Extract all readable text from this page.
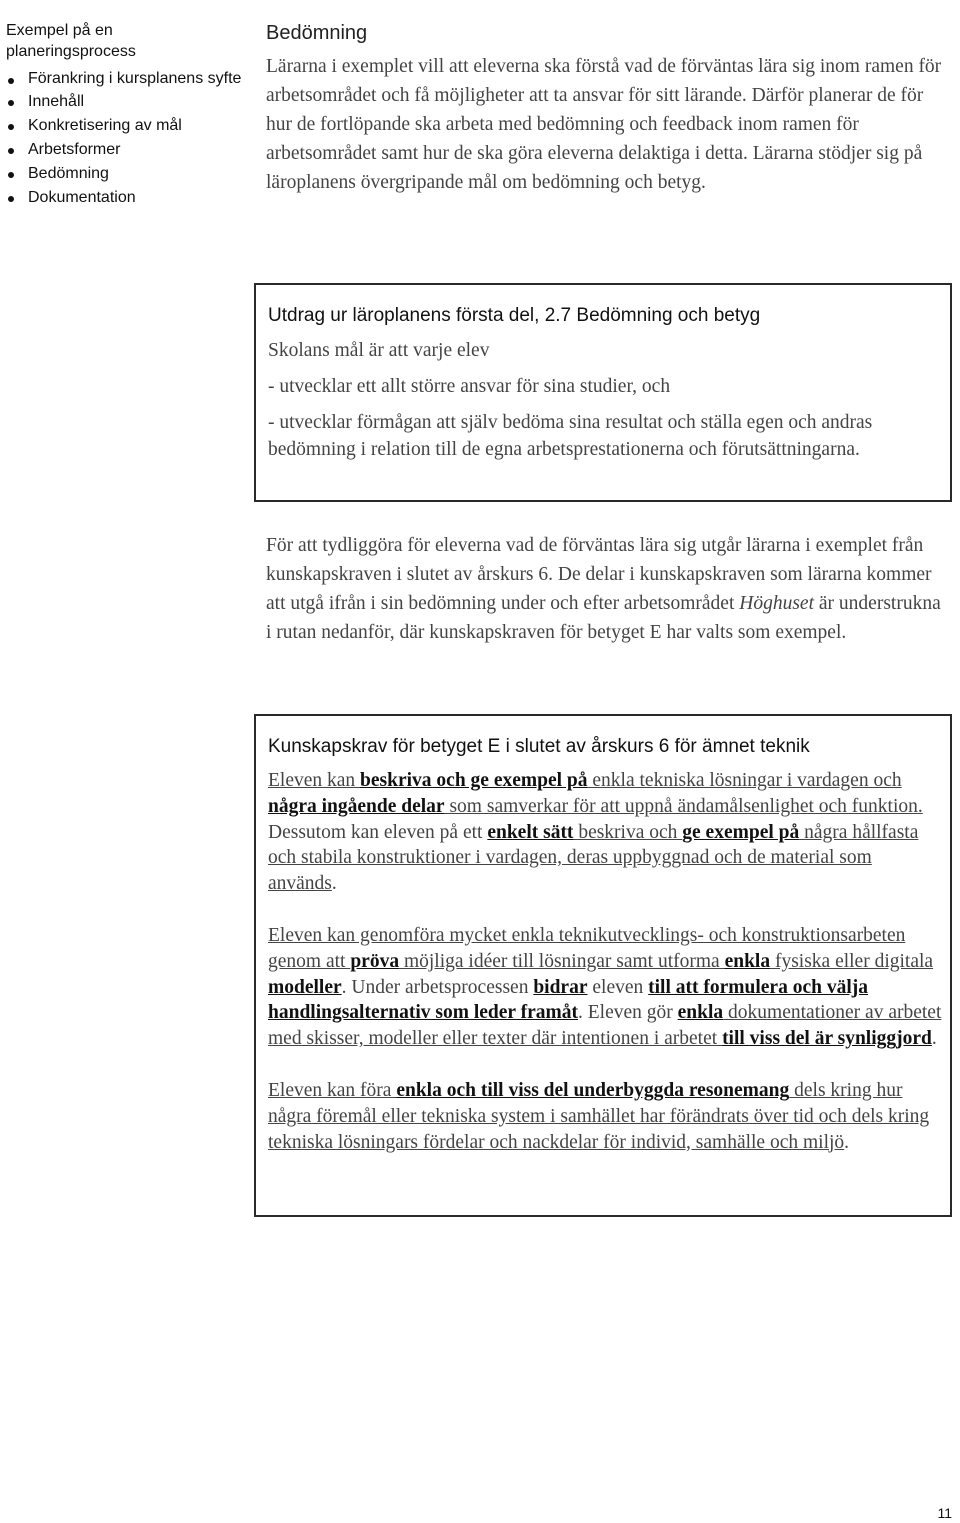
Exempel på en planeringsprocess
Förankring i kursplanens syfte
Innehåll
Konkretisering av mål
Arbetsformer
Bedömning
Dokumentation
Bedömning
Lärarna i exemplet vill att eleverna ska förstå vad de förväntas lära sig inom ramen för arbetsområdet och få möjligheter att ta ansvar för sitt lärande. Därför planerar de för hur de fortlöpande ska arbeta med bedömning och feedback inom ramen för arbetsområdet samt hur de ska göra eleverna delaktiga i detta. Lärarna stödjer sig på läroplanens övergripande mål om bedömning och betyg.
Utdrag ur läroplanens första del, 2.7 Bedömning och betyg

Skolans mål är att varje elev

- utvecklar ett allt större ansvar för sina studier, och

- utvecklar förmågan att själv bedöma sina resultat och ställa egen och andras bedömning i relation till de egna arbetsprestationerna och förutsättningarna.

För att tydliggöra för eleverna vad de förväntas lära sig utgår lärarna i exemplet från kunskapskraven i slutet av årskurs 6. De delar i kunskapskraven som lärarna kommer att utgå ifrån i sin bedömning under och efter arbetsområdet Höghuset är understrukna i rutan nedanför, där kunskapskraven för betyget E har valts som exempel.
Kunskapskrav för betyget E i slutet av årskurs 6 för ämnet teknik

Eleven kan beskriva och ge exempel på enkla tekniska lösningar i vardagen och några ingående delar som samverkar för att uppnå ändamålsenlighet och funktion. Dessutom kan eleven på ett enkelt sätt beskriva och ge exempel på några hållfasta och stabila konstruktioner i vardagen, deras uppbyggnad och de material som används.

Eleven kan genomföra mycket enkla teknikutvecklings- och konstruktionsarbeten genom att pröva möjliga idéer till lösningar samt utforma enkla fysiska eller digitala modeller. Under arbetsprocessen bidrar eleven till att formulera och välja handlingsalternativ som leder framåt. Eleven gör enkla dokumentationer av arbetet med skisser, modeller eller texter där intentionen i arbetet till viss del är synliggjord.

Eleven kan föra enkla och till viss del underbyggda resonemang dels kring hur några föremål eller tekniska system i samhället har förändrats över tid och dels kring tekniska lösningars fördelar och nackdelar för individ, samhälle och miljö.

11
